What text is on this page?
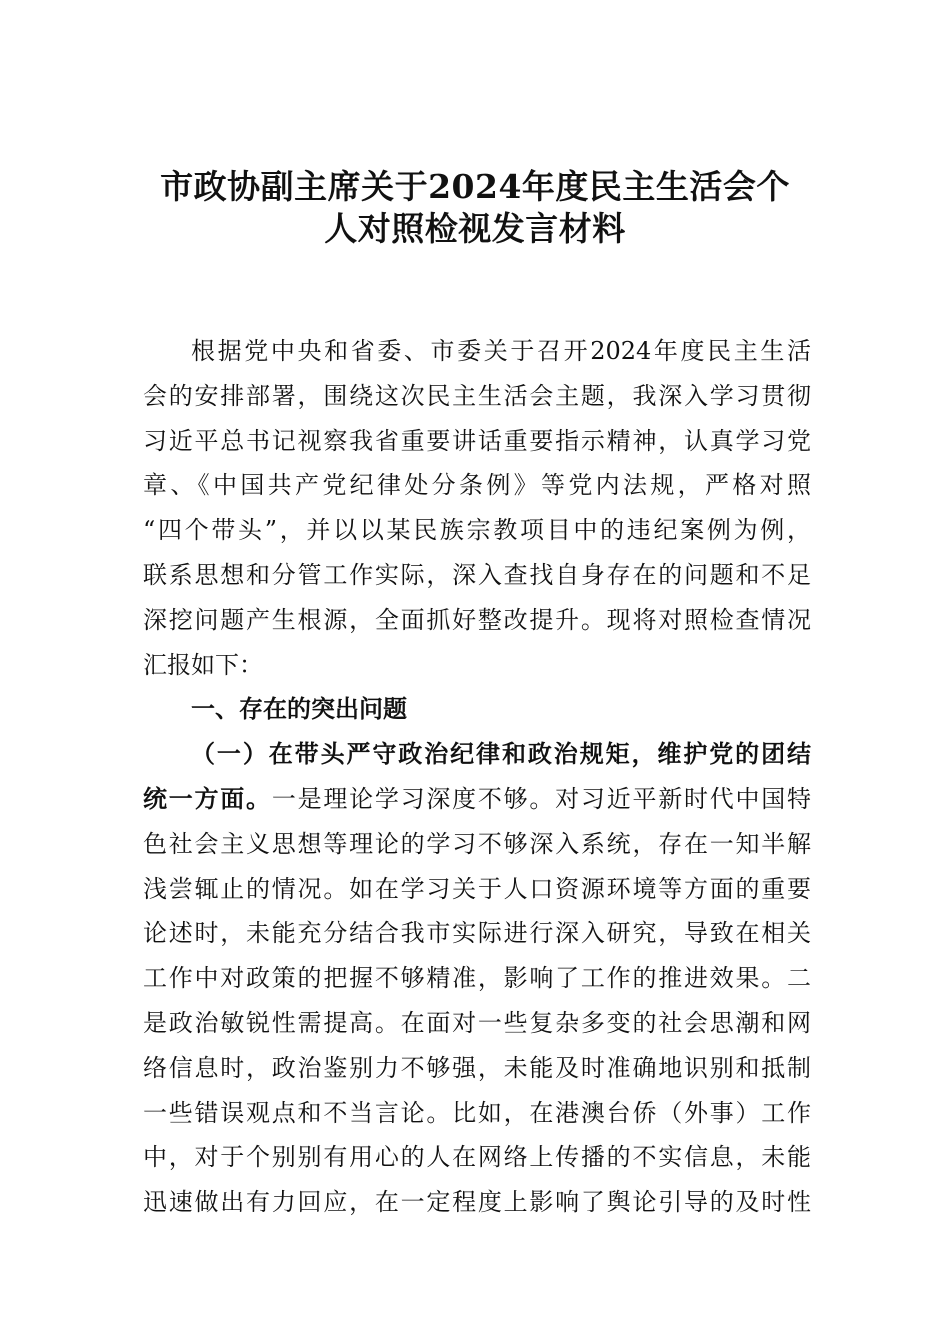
市政协副主席关于2024年度民主生活会个
人对照检视发言材料
根据党中央和省委、市委关于召开2024年度民主生活
会的安排部署，围绕这次民主生活会主题，我深入学习贯彻
习近平总书记视察我省重要讲话重要指示精神，认真学习党
章、《中国共产党纪律处分条例》等党内法规，严格对照
“四个带头”，并以以某民族宗教项目中的违纪案例为例，
联系思想和分管工作实际，深入查找自身存在的问题和不足
深挖问题产生根源，全面抓好整改提升。现将对照检查情况
汇报如下：
一、存在的突出问题
（一）在带头严守政治纪律和政治规矩，维护党的团结
统一方面。一是理论学习深度不够。对习近平新时代中国特
色社会主义思想等理论的学习不够深入系统，存在一知半解
浅尝辄止的情况。如在学习关于人口资源环境等方面的重要
论述时，未能充分结合我市实际进行深入研究，导致在相关
工作中对政策的把握不够精准，影响了工作的推进效果。二
是政治敏锐性需提高。在面对一些复杂多变的社会思潮和网
络信息时，政治鉴别力不够强，未能及时准确地识别和抵制
一些错误观点和不当言论。比如，在港澳台侨（外事）工作
中，对于个别别有用心的人在网络上传播的不实信息，未能
迅速做出有力回应，在一定程度上影响了舆论引导的及时性
